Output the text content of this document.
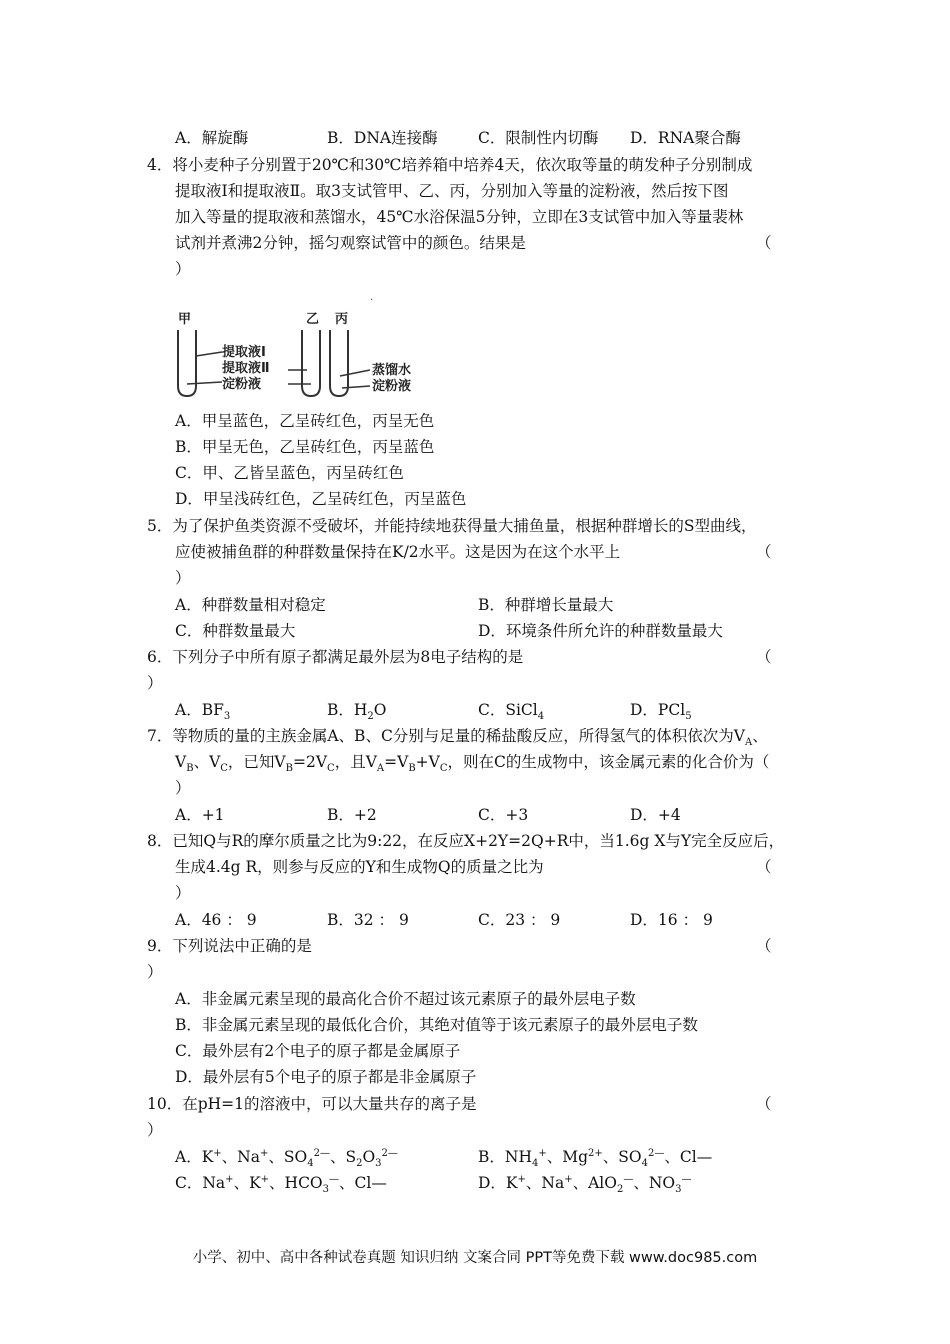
A．解旋酶	B．DNA连接酶	C．限制性内切酶 D．RNA聚合酶
4．将小麦种子分别置于20℃和30℃培养箱中培养4天，依次取等量的萌发种子分别制成
提取液Ⅰ和提取液Ⅱ。取3支试管甲、乙、丙，分别加入等量的淀粉液，然后按下图
加入等量的提取液和蒸馏水，45℃水浴保温5分钟，立即在3支试管中加入等量裴林
试剂并煮沸2分钟，摇匀观察试管中的颜色。结果是	（
）
·
甲	乙 丙
提取液Ⅰ
提取液Ⅱ
淀粉液
蒸馏水
淀粉液
A．甲呈蓝色，乙呈砖红色，丙呈无色
B．甲呈无色，乙呈砖红色，丙呈蓝色
C．甲、乙皆呈蓝色，丙呈砖红色
D．甲呈浅砖红色，乙呈砖红色，丙呈蓝色
5．为了保护鱼类资源不受破坏，并能持续地获得量大捕鱼量，根据种群增长的S型曲线，
应使被捕鱼群的种群数量保持在K/2水平。这是因为在这个水平上	（
）
A．种群数量相对稳定	B．种群增长量最大
C．种群数量最大	D．环境条件所允许的种群数量最大
6．下列分子中所有原子都满足最外层为8电子结构的是	（
）
A．$BF_3$	B．$H_2O$	C．SiCl$_4$	D．PCl$_5$
7．等物质的量的主族金属A、B、C分别与足量的稀盐酸反应，所得氢气的体积依次为$V_A$、
$V_B$、$V_C$，已知$V_B=2V_C$，且$V_A=V_B+V_C$，则在C的生成物中，该金属元素的化合价为（
）
A．+1	B．+2	C．+3	D．+4
8．已知Q与R的摩尔质量之比为9:22，在反应X+2Y=2Q+R中，当1.6g X与Y完全反应后，
生成4.4g R，则参与反应的Y和生成物Q的质量之比为	（
）
A．46 ： 9	B．32 ： 9	C．23 ： 9	D．16 ： 9
9．下列说法中正确的是	（
）
A．非金属元素呈现的最高化合价不超过该元素原子的最外层电子数
B．非金属元素呈现的最低化合价，其绝对值等于该元素原子的最外层电子数
C．最外层有2个电子的原子都是金属原子
D．最外层有5个电子的原子都是非金属原子
10．在pH=1的溶液中，可以大量共存的离子是	（
）
A．K+、Na+、$SO_4^{2—}$、$S_2O_3^{2—}$	B．$NH_4^+$、$Mg^{2+}$、$SO_4^{2—}$、Cl—
C．Na+、K+、$HCO_3^—$、Cl—	D．K+、Na+、AlO$_2$—、$NO_3^—$
小学、初中、高中各种试卷真题 知识归纳 文案合同 PPT等免费下载 www.doc985.com
